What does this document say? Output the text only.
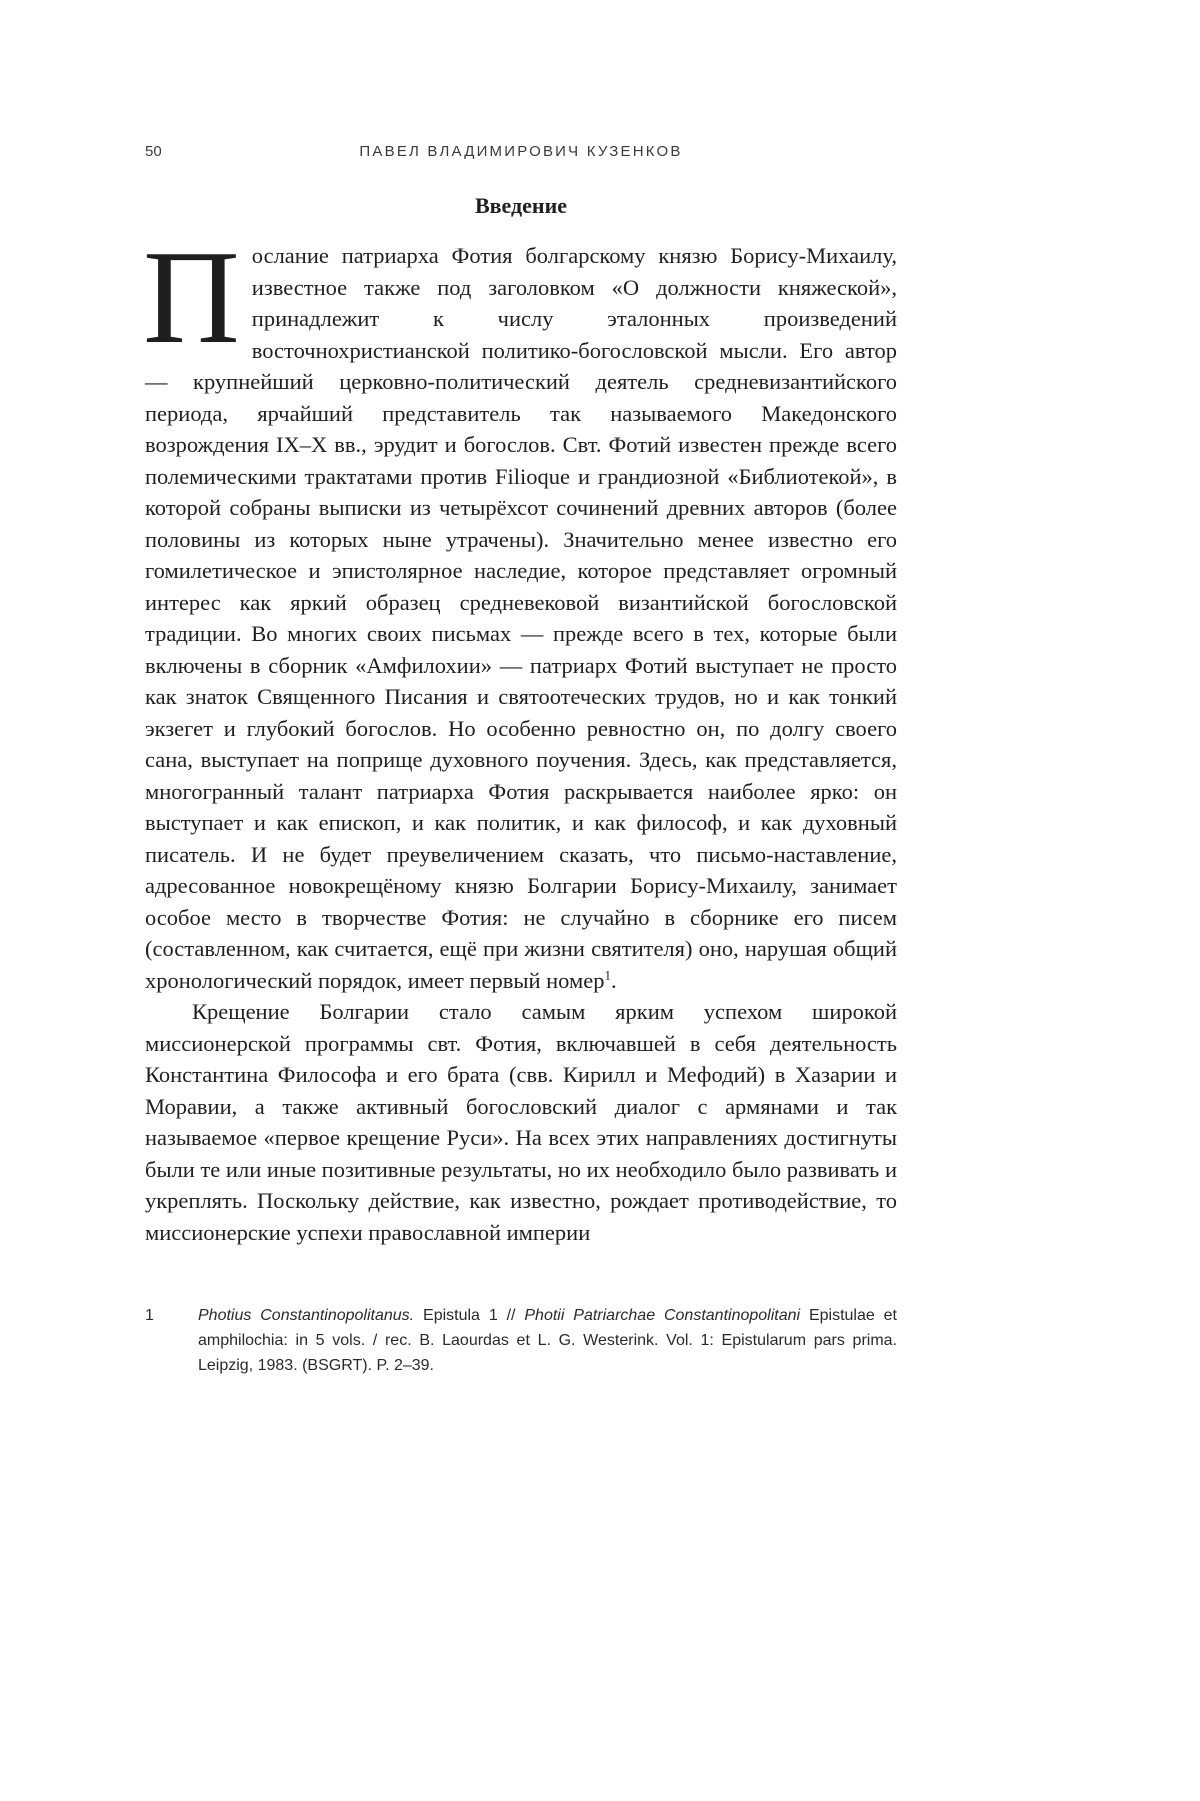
50	ПАВЕЛ ВЛАДИМИРОВИЧ КУЗЕНКОВ
Введение

Послание патриарха Фотия болгарскому князю Борису-Михаилу, известное также под заголовком «О должности княжеской», принадлежит к числу эталонных произведений восточнохристианской политико-богословской мысли. Его автор — крупнейший церковно-политический деятель средневизантийского периода, ярчайший представитель так называемого Македонского возрождения IX–X вв., эрудит и богослов. Свт. Фотий известен прежде всего полемическими трактатами против Filioque и грандиозной «Библиотекой», в которой собраны выписки из четырёхсот сочинений древних авторов (более половины из которых ныне утрачены). Значительно менее известно его гомилетическое и эпистолярное наследие, которое представляет огромный интерес как яркий образец средневековой византийской богословской традиции. Во многих своих письмах — прежде всего в тех, которые были включены в сборник «Амфилохии» — патриарх Фотий выступает не просто как знаток Священного Писания и святоотеческих трудов, но и как тонкий экзегет и глубокий богослов. Но особенно ревностно он, по долгу своего сана, выступает на поприще духовного поучения. Здесь, как представляется, многогранный талант патриарха Фотия раскрывается наиболее ярко: он выступает и как епископ, и как политик, и как философ, и как духовный писатель. И не будет преувеличением сказать, что письмо-наставление, адресованное новокрещёному князю Болгарии Борису-Михаилу, занимает особое место в творчестве Фотия: не случайно в сборнике его писем (составленном, как считается, ещё при жизни святителя) оно, нарушая общий хронологический порядок, имеет первый номер$^1$.

Крещение Болгарии стало самым ярким успехом широкой миссионерской программы свт. Фотия, включавшей в себя деятельность Константина Философа и его брата (свв. Кирилл и Мефодий) в Хазарии и Моравии, а также активный богословский диалог с армянами и так называемое «первое крещение Руси». На всех этих направлениях достигнуты были те или иные позитивные результаты, но их необходило было развивать и укреплять. Поскольку действие, как известно, рождает противодействие, то миссионерские успехи православной империи

1	Photius Constantinopolitanus. Epistula 1 // Photii Patriarchae Constantinopolitani Epistulae et amphilochia: in 5 vols. / rec. B. Laourdas et L. G. Westerink. Vol. 1: Epistularum pars prima. Leipzig, 1983. (BSGRT). P. 2–39.
